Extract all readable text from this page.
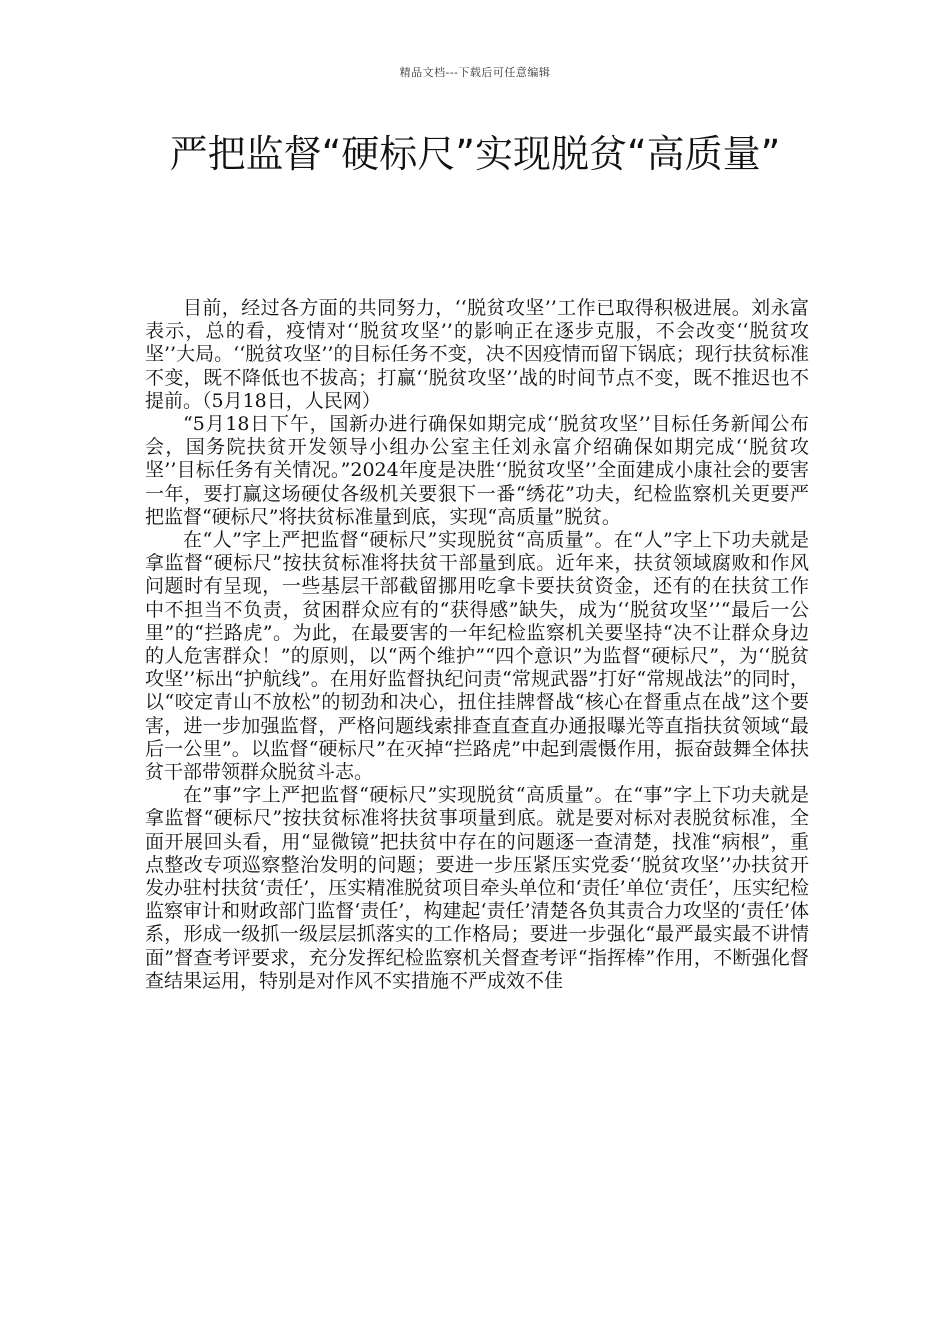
精品文档---下载后可任意编辑
严把监督“硬标尺”实现脱贫“高质量”

目前，经过各方面的共同努力，‘‘脱贫攻坚’’工作已取得积极进展。刘永富表示，总的看，疫情对‘‘脱贫攻坚’’的影响正在逐步克服，不会改变‘‘脱贫攻坚’’大局。‘‘脱贫攻坚’’的目标任务不变，决不因疫情而留下锅底；现行扶贫标准不变，既不降低也不拔高；打赢‘‘脱贫攻坚’’战的时间节点不变，既不推迟也不提前。（5月18日，人民网）

“5月18日下午，国新办进行确保如期完成‘‘脱贫攻坚’’目标任务新闻公布会，国务院扶贫开发领导小组办公室主任刘永富介绍确保如期完成‘‘脱贫攻坚’’目标任务有关情况。”2024年度是决胜‘‘脱贫攻坚’’全面建成小康社会的要害一年，要打赢这场硬仗各级机关要狠下一番“绣花”功夫，纪检监察机关更要严把监督“硬标尺”将扶贫标准量到底，实现“高质量”脱贫。

在“人”字上严把监督“硬标尺”实现脱贫“高质量”。在“人”字上下功夫就是拿监督“硬标尺”按扶贫标准将扶贫干部量到底。近年来，扶贫领域腐败和作风问题时有呈现，一些基层干部截留挪用吃拿卡要扶贫资金，还有的在扶贫工作中不担当不负责，贫困群众应有的“获得感”缺失，成为‘‘脱贫攻坚’’“最后一公里”的“拦路虎”。为此，在最要害的一年纪检监察机关要坚持“决不让群众身边的人危害群众！”的原则，以“两个维护”“四个意识”为监督“硬标尺”，为‘‘脱贫攻坚’’标出“护航线”。在用好监督执纪问责“常规武器”打好“常规战法”的同时，以“咬定青山不放松”的韧劲和决心，扭住挂牌督战“核心在督重点在战”这个要害，进一步加强监督，严格问题线索排查直查直办通报曝光等直指扶贫领域“最后一公里”。以监督“硬标尺”在灭掉“拦路虎”中起到震慑作用，振奋鼓舞全体扶贫干部带领群众脱贫斗志。

在”事”字上严把监督“硬标尺”实现脱贫“高质量”。在“事”字上下功夫就是拿监督“硬标尺”按扶贫标准将扶贫事项量到底。就是要对标对表脱贫标准，全面开展回头看，用“显微镜”把扶贫中存在的问题逐一查清楚，找准“病根”，重点整改专项巡察整治发明的问题；要进一步压紧压实党委‘‘脱贫攻坚’’办扶贫开发办驻村扶贫‘责任’，压实精准脱贫项目牵头单位和‘责任’单位‘责任’，压实纪检监察审计和财政部门监督‘责任’，构建起‘责任’清楚各负其责合力攻坚的‘责任’体系，形成一级抓一级层层抓落实的工作格局；要进一步强化“最严最实最不讲情面”督查考评要求，充分发挥纪检监察机关督查考评“指挥棒”作用，不断强化督查结果运用，特别是对作风不实措施不严成效不佳
